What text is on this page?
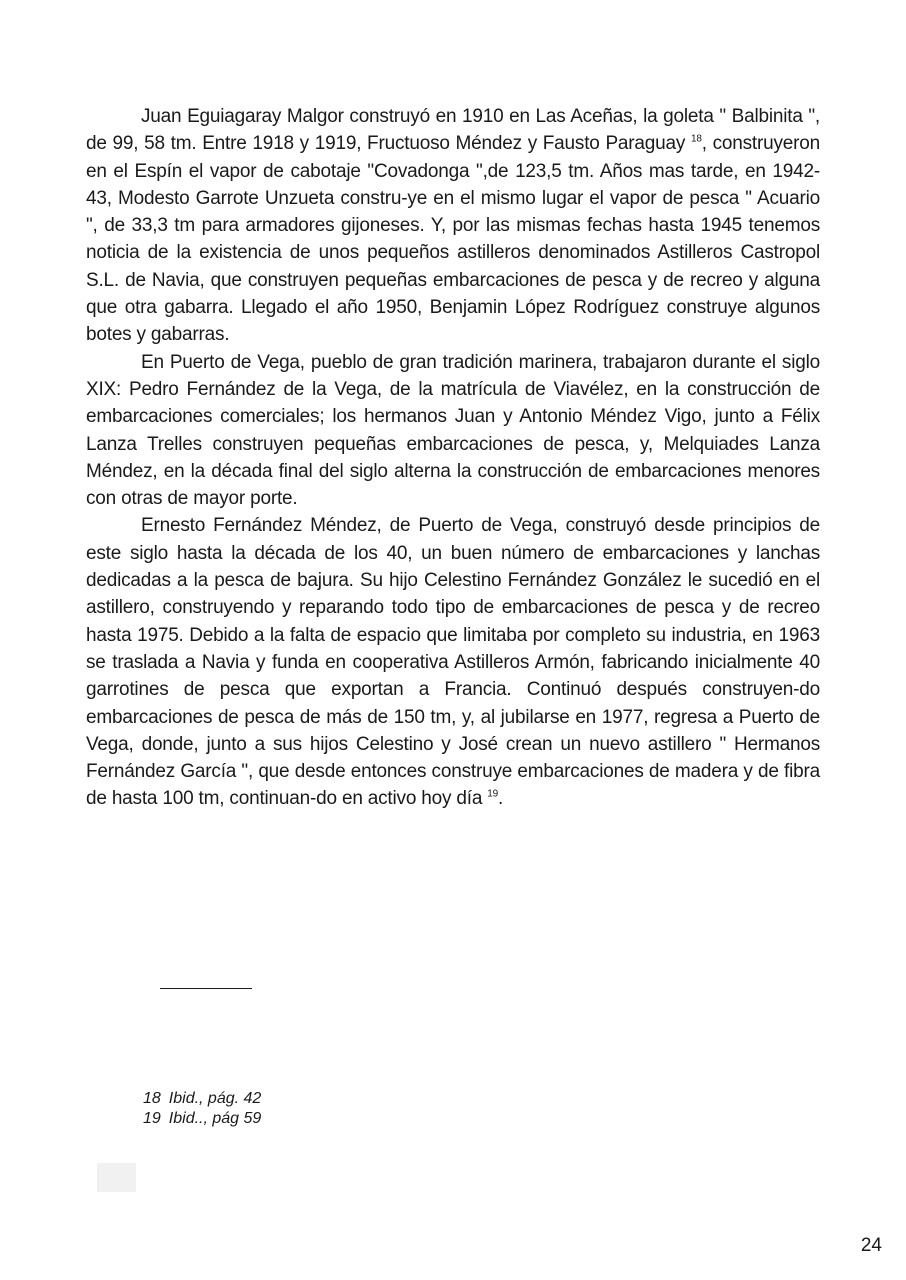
Juan Eguiagaray Malgor construyó en 1910 en Las Aceñas, la goleta " Balbinita ", de 99, 58 tm. Entre 1918 y 1919, Fructuoso Méndez y Fausto Paraguay $^{18}$, construyeron en el Espín el vapor de cabotaje "Covadonga ",de 123,5 tm. Años mas tarde, en 1942-43, Modesto Garrote Unzueta constru-ye en el mismo lugar el vapor de pesca " Acuario ", de 33,3 tm para armadores gijoneses. Y, por las mismas fechas hasta 1945 tenemos noticia de la existencia de unos pequeños astilleros denominados Astilleros Castropol S.L. de Navia, que construyen pequeñas embarcaciones de pesca y de recreo y alguna que otra gabarra. Llegado el año 1950, Benjamin López Rodríguez construye algunos botes y gabarras.

En Puerto de Vega, pueblo de gran tradición marinera, trabajaron durante el siglo XIX: Pedro Fernández de la Vega, de la matrícula de Viavélez, en la construcción de embarcaciones comerciales; los hermanos Juan y Antonio Méndez Vigo, junto a Félix Lanza Trelles construyen pequeñas embarcaciones de pesca, y, Melquiades Lanza Méndez, en la década final del siglo alterna la construcción de embarcaciones menores con otras de mayor porte.

Ernesto Fernández Méndez, de Puerto de Vega, construyó desde principios de este siglo hasta la década de los 40, un buen número de embarcaciones y lanchas dedicadas a la pesca de bajura. Su hijo Celestino Fernández González le sucedió en el astillero, construyendo y reparando todo tipo de embarcaciones de pesca y de recreo hasta 1975. Debido a la falta de espacio que limitaba por completo su industria, en 1963 se traslada a Navia y funda en cooperativa Astilleros Armón, fabricando inicialmente 40 garrotines de pesca que exportan a Francia. Continuó después construyen-do embarcaciones de pesca de más de 150 tm, y, al jubilarse en 1977, regresa a Puerto de Vega, donde, junto a sus hijos Celestino y José crean un nuevo astillero " Hermanos Fernández García ", que desde entonces construye embarcaciones de madera y de fibra de hasta 100 tm, continuan-do en activo hoy día $^{19}$.

18 Ibid., pág. 42

19 Ibid.., pág 59

24
